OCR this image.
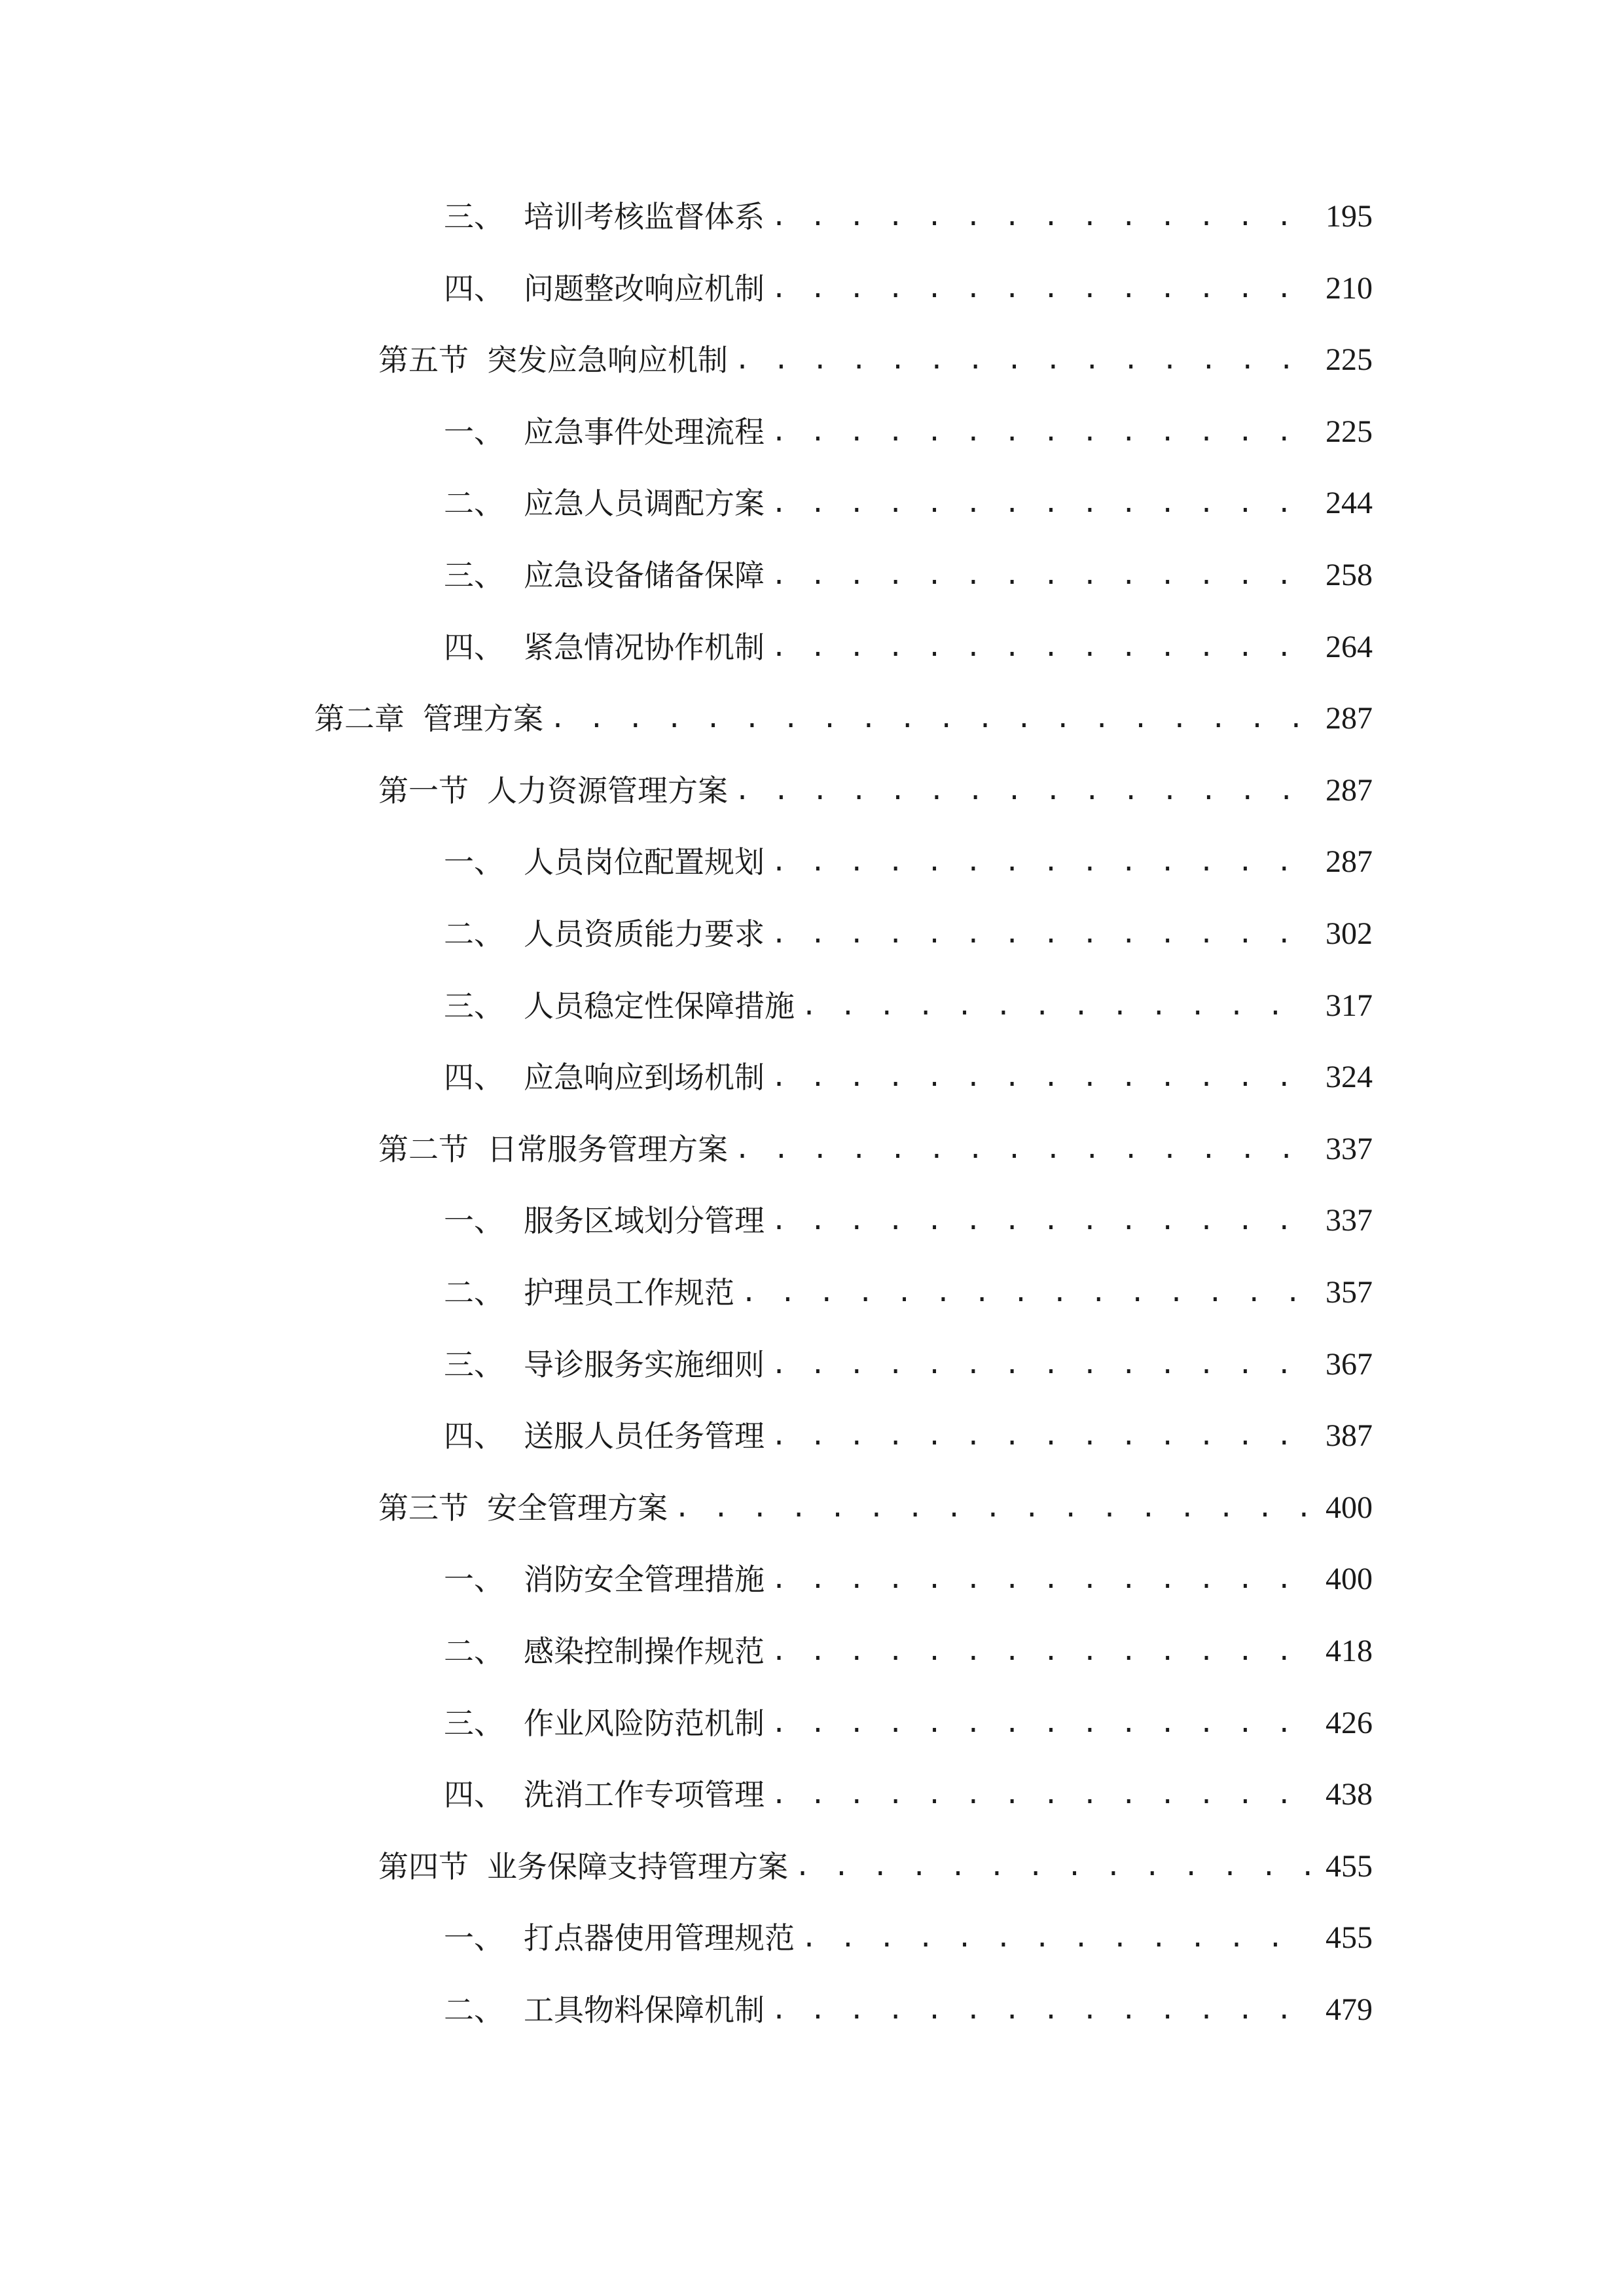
三、 培训考核监督体系 . . .	195
四、 问题整改响应机制 . . .	210
第五节 突发应急响应机制 . . .	225
一、 应急事件处理流程 . . .	225
二、 应急人员调配方案 . . .	244
三、 应急设备储备保障 . . .	258
四、 紧急情况协作机制 . . .	264
第二章 管理方案 . . .	287
第一节 人力资源管理方案 . . .	287
一、 人员岗位配置规划 . . .	287
二、 人员资质能力要求 . . .	302
三、 人员稳定性保障措施 . . .	317
四、 应急响应到场机制 . . .	324
第二节 日常服务管理方案 . . .	337
一、 服务区域划分管理 . . .	337
二、 护理员工作规范 . . .	357
三、 导诊服务实施细则 . . .	367
四、 送服人员任务管理 . . .	387
第三节 安全管理方案 . . .	400
一、 消防安全管理措施 . . .	400
二、 感染控制操作规范 . . .	418
三、 作业风险防范机制 . . .	426
四、 洗消工作专项管理 . . .	438
第四节 业务保障支持管理方案 . . .	455
一、 打点器使用管理规范 . . .	455
二、 工具物料保障机制 . . .	479
